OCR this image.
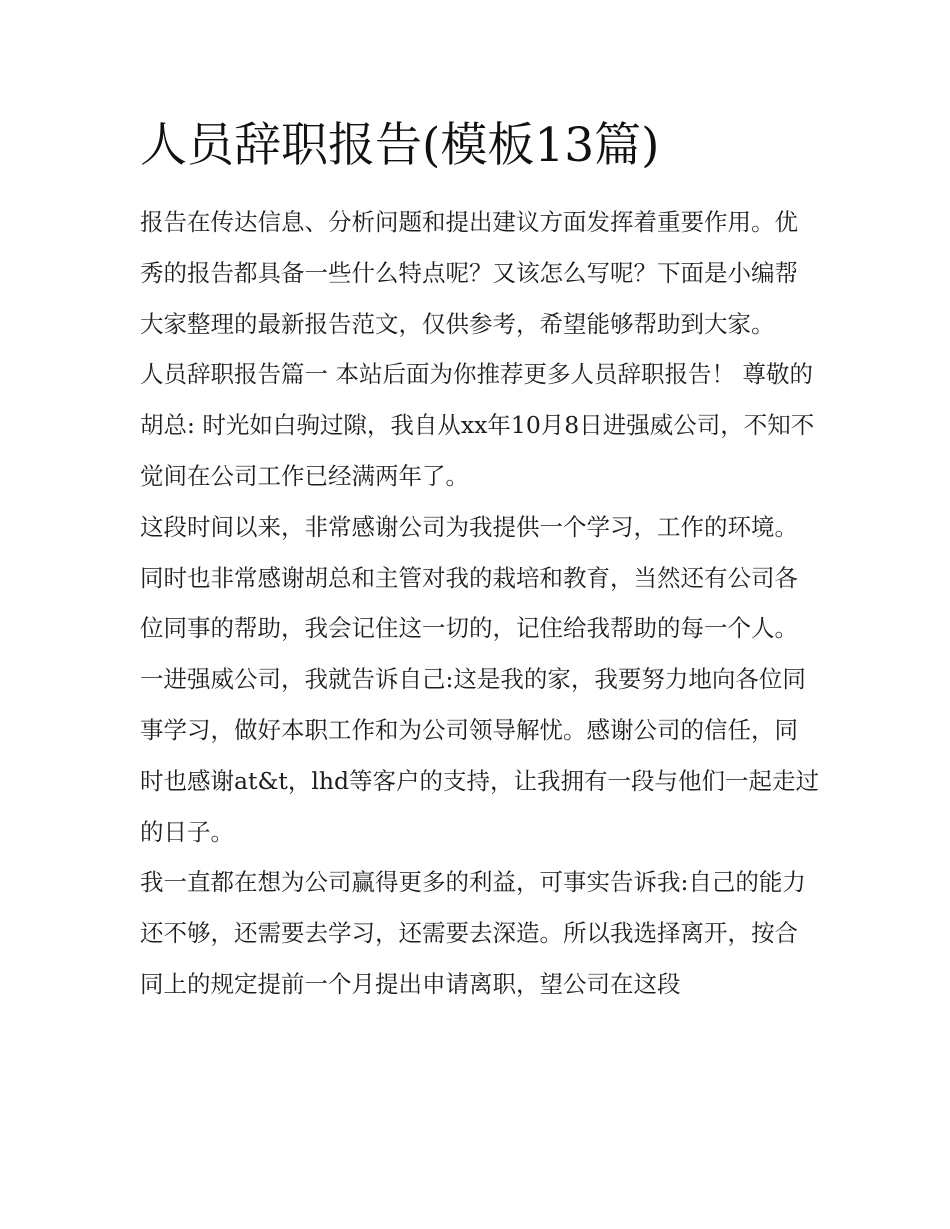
人员辞职报告(模板13篇)

报告在传达信息、分析问题和提出建议方面发挥着重要作用。优秀的报告都具备一些什么特点呢？又该怎么写呢？下面是小编帮大家整理的最新报告范文，仅供参考，希望能够帮助到大家。

人员辞职报告篇一 本站后面为你推荐更多人员辞职报告！ 尊敬的胡总: 时光如白驹过隙，我自从xx年10月8日进强威公司，不知不觉间在公司工作已经满两年了。

这段时间以来，非常感谢公司为我提供一个学习，工作的环境。同时也非常感谢胡总和主管对我的栽培和教育，当然还有公司各位同事的帮助，我会记住这一切的，记住给我帮助的每一个人。

一进强威公司，我就告诉自己:这是我的家，我要努力地向各位同事学习，做好本职工作和为公司领导解忧。感谢公司的信任，同时也感谢at&t，lhd等客户的支持，让我拥有一段与他们一起走过的日子。

我一直都在想为公司赢得更多的利益，可事实告诉我:自己的能力还不够，还需要去学习，还需要去深造。所以我选择离开，按合同上的规定提前一个月提出申请离职，望公司在这段
